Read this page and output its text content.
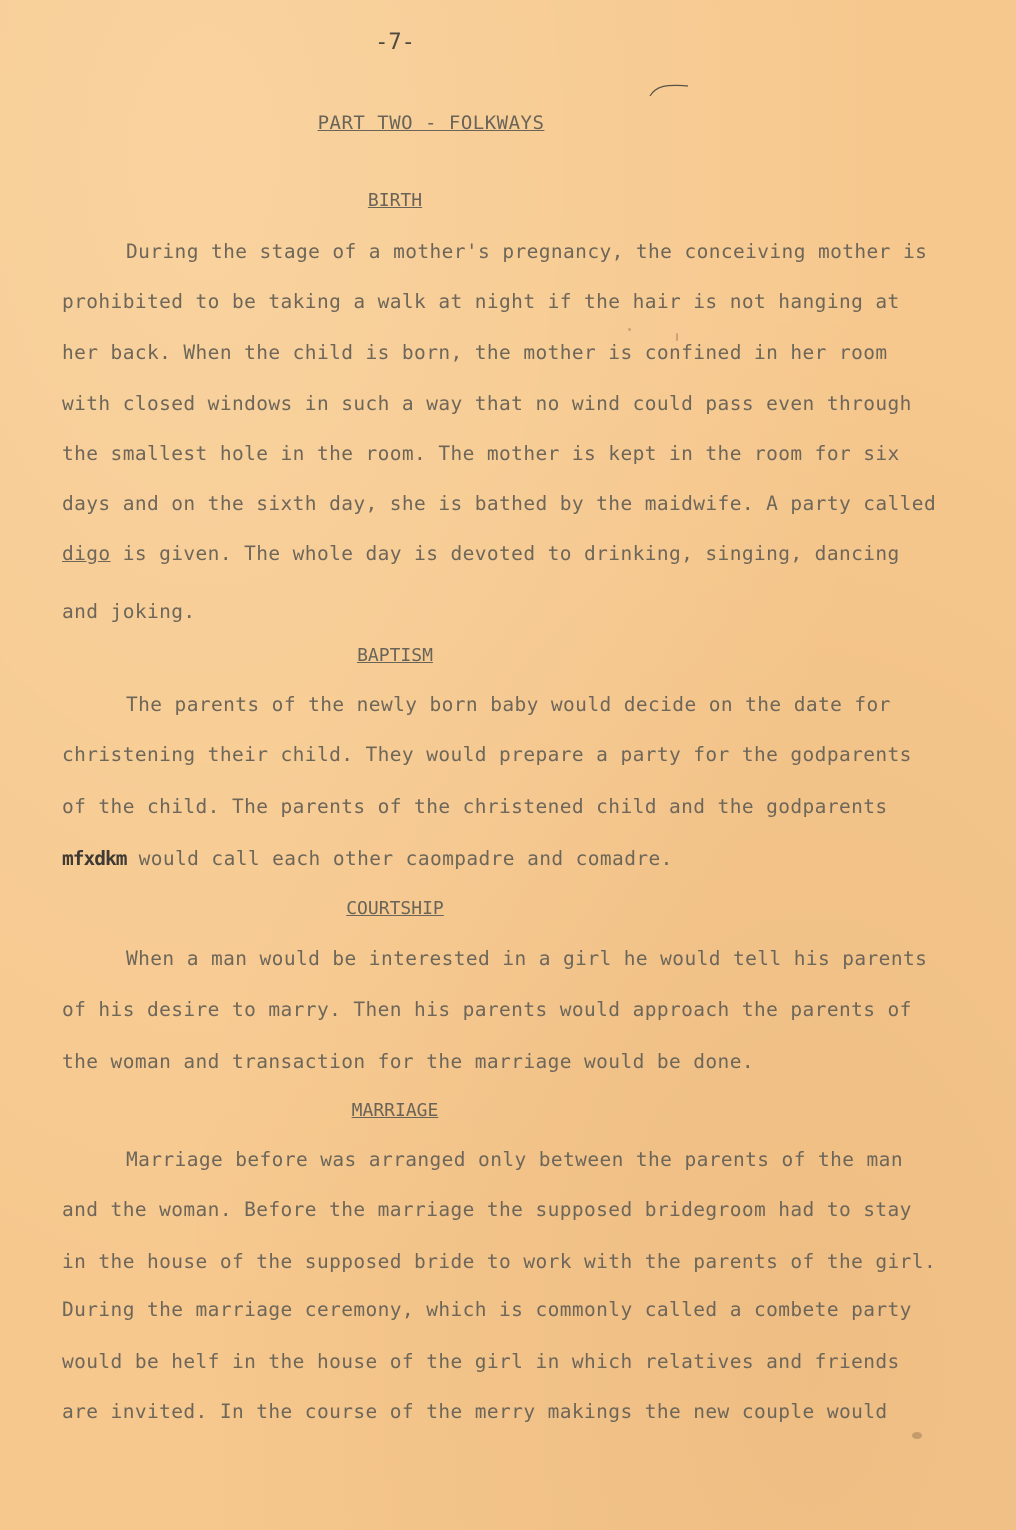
-7-
PART TWO - FOLKWAYS
BIRTH
During the stage of a mother's pregnancy, the conceiving mother is
prohibited to be taking a walk at night if the hair is not hanging at
her back. When the child is born, the mother is confined in her room
with closed windows in such a way that no wind could pass even through
the smallest hole in the room. The mother is kept in the room for six
days and on the sixth day, she is bathed by the maidwife. A party called
digo is given. The whole day is devoted to drinking, singing, dancing
and joking.
BAPTISM
The parents of the newly born baby would decide on the date for
christening their child. They would prepare a party for the godparents
of the child. The parents of the christened child and the godparents
mfxdkm would call each other caompadre and comadre.
COURTSHIP
When a man would be interested in a girl he would tell his parents
of his desire to marry. Then his parents would approach the parents of
the woman and transaction for the marriage would be done.
MARRIAGE
Marriage before was arranged only between the parents of the man
and the woman. Before the marriage the supposed bridegroom had to stay
in the house of the supposed bride to work with the parents of the girl.
During the marriage ceremony, which is commonly called a combete party
would be helf in the house of the girl in which relatives and friends
are invited. In the course of the merry makings the new couple would
